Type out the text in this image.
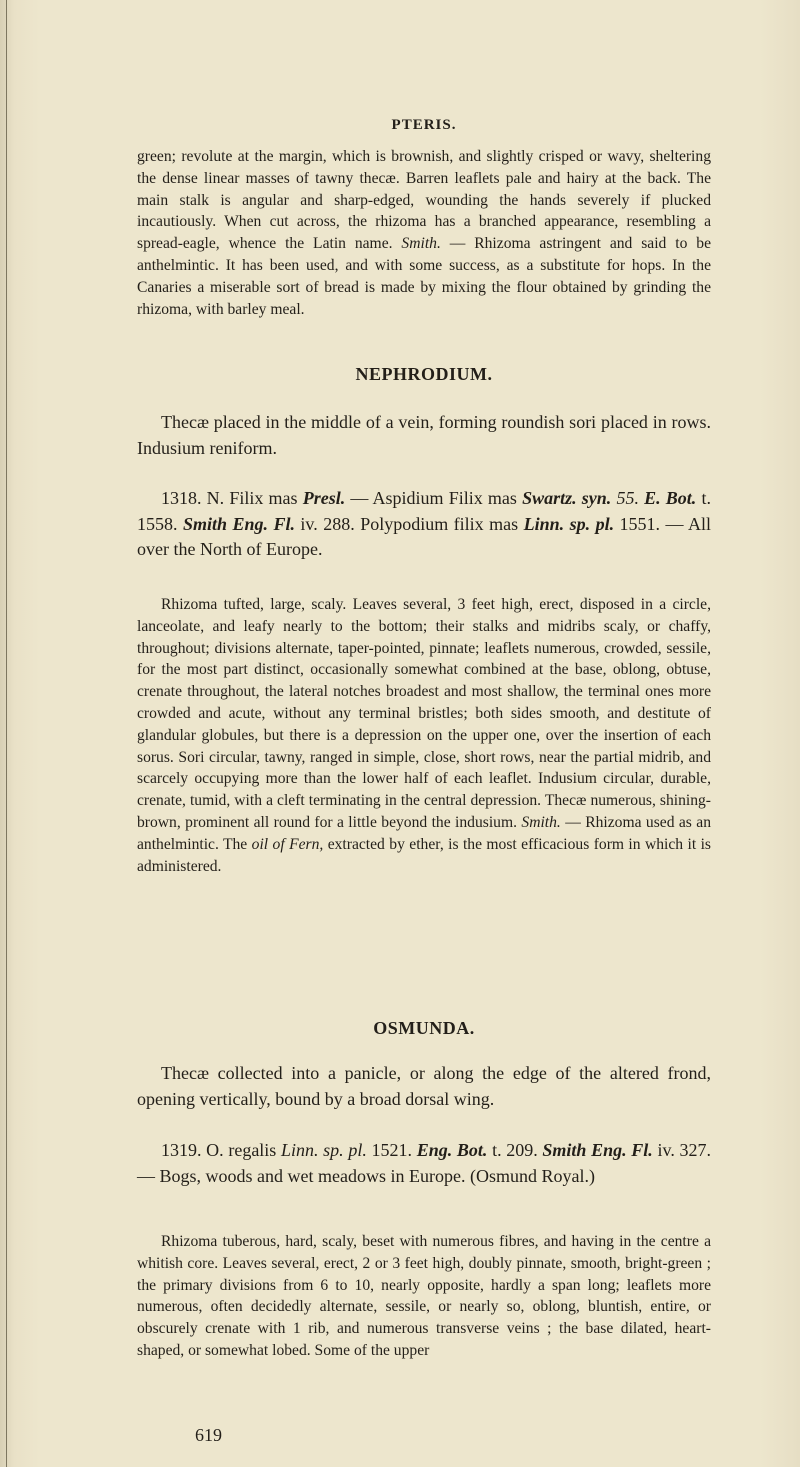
PTERIS.

green; revolute at the margin, which is brownish, and slightly crisped or wavy, sheltering the dense linear masses of tawny thecæ. Barren leaflets pale and hairy at the back. The main stalk is angular and sharp-edged, wounding the hands severely if plucked incautiously. When cut across, the rhizoma has a branched appearance, resembling a spread-eagle, whence the Latin name. Smith. — Rhizoma astringent and said to be anthelmintic. It has been used, and with some success, as a substitute for hops. In the Canaries a miserable sort of bread is made by mixing the flour obtained by grinding the rhizoma, with barley meal.

NEPHRODIUM.

Thecæ placed in the middle of a vein, forming roundish sori placed in rows. Indusium reniform.

1318. N. Filix mas Presl. — Aspidium Filix mas Swartz. syn. 55. E. Bot. t. 1558. Smith Eng. Fl. iv. 288. Polypodium filix mas Linn. sp. pl. 1551. — All over the North of Europe.

Rhizoma tufted, large, scaly. Leaves several, 3 feet high, erect, disposed in a circle, lanceolate, and leafy nearly to the bottom; their stalks and midribs scaly, or chaffy, throughout; divisions alternate, taper-pointed, pinnate; leaflets numerous, crowded, sessile, for the most part distinct, occasionally somewhat combined at the base, oblong, obtuse, crenate throughout, the lateral notches broadest and most shallow, the terminal ones more crowded and acute, without any terminal bristles; both sides smooth, and destitute of glandular globules, but there is a depression on the upper one, over the insertion of each sorus. Sori circular, tawny, ranged in simple, close, short rows, near the partial midrib, and scarcely occupying more than the lower half of each leaflet. Indusium circular, durable, crenate, tumid, with a cleft terminating in the central depression. Thecæ numerous, shining-brown, prominent all round for a little beyond the indusium. Smith. — Rhizoma used as an anthelmintic. The oil of Fern, extracted by ether, is the most efficacious form in which it is administered.

OSMUNDA.

Thecæ collected into a panicle, or along the edge of the altered frond, opening vertically, bound by a broad dorsal wing.

1319. O. regalis Linn. sp. pl. 1521. Eng. Bot. t. 209. Smith Eng. Fl. iv. 327. — Bogs, woods and wet meadows in Europe. (Osmund Royal.)

Rhizoma tuberous, hard, scaly, beset with numerous fibres, and having in the centre a whitish core. Leaves several, erect, 2 or 3 feet high, doubly pinnate, smooth, bright-green ; the primary divisions from 6 to 10, nearly opposite, hardly a span long; leaflets more numerous, often decidedly alternate, sessile, or nearly so, oblong, bluntish, entire, or obscurely crenate with 1 rib, and numerous transverse veins ; the base dilated, heart-shaped, or somewhat lobed. Some of the upper

619
